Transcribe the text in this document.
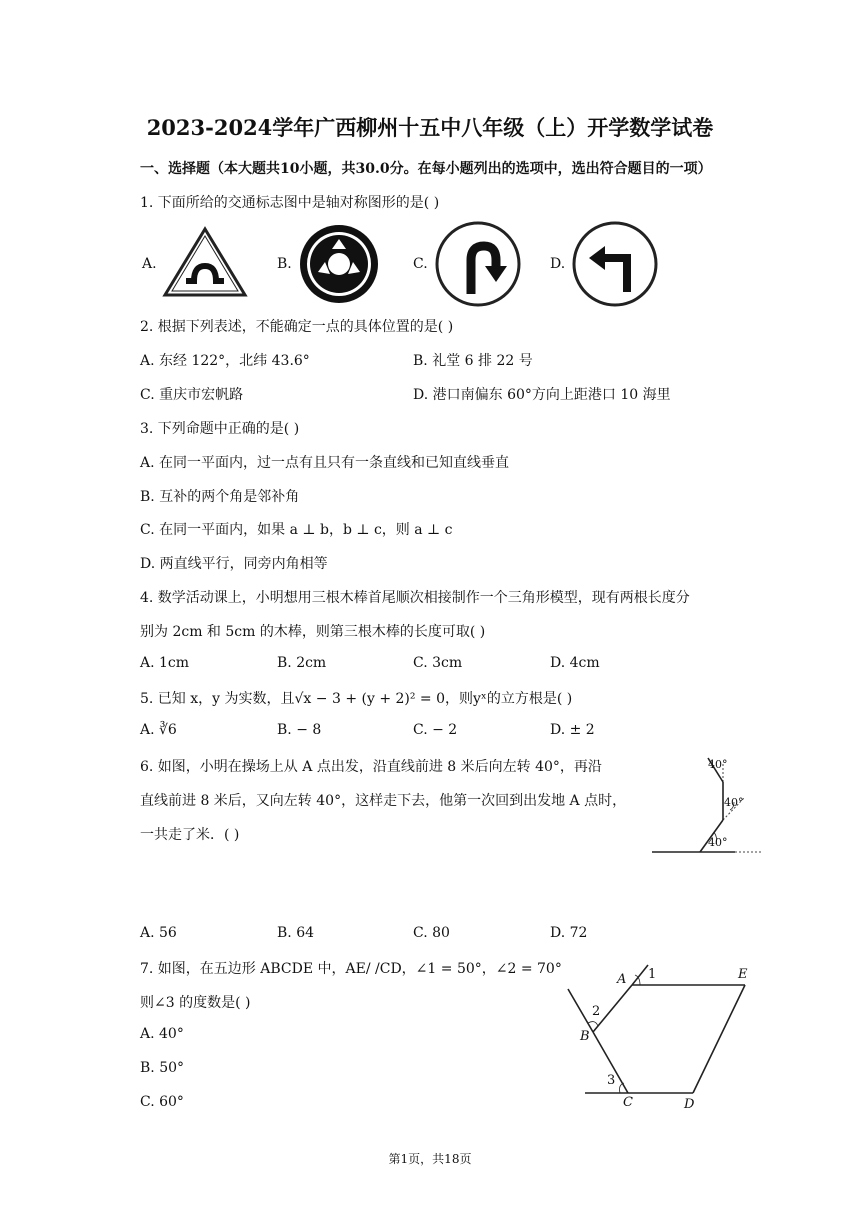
2023-2024学年广西柳州十五中八年级（上）开学数学试卷
一、选择题（本大题共10小题，共30.0分。在每小题列出的选项中，选出符合题目的一项）
1. 下面所给的交通标志图中是轴对称图形的是( )
A.	B.	C.	D.
2. 根据下列表述，不能确定一点的具体位置的是( )
A. 东经 122°，北纬 43.6°	B. 礼堂 6 排 22 号
C. 重庆市宏帆路	D. 港口南偏东 60°方向上距港口 10 海里
3. 下列命题中正确的是( )
A. 在同一平面内，过一点有且只有一条直线和已知直线垂直
B. 互补的两个角是邻补角
C. 在同一平面内，如果 a ⊥ b，b ⊥ c，则 a ⊥ c
D. 两直线平行，同旁内角相等
4. 数学活动课上，小明想用三根木棒首尾顺次相接制作一个三角形模型，现有两根长度分
别为 2cm 和 5cm 的木棒，则第三根木棒的长度可取( )
A. 1cm	B. 2cm	C. 3cm	D. 4cm
5. 已知 x，y 为实数，且√x − 3 + (y + 2)² = 0，则yˣ的立方根是( )
A. ∛6	B. − 8	C. − 2	D. ± 2
6. 如图，小明在操场上从 A 点出发，沿直线前进 8 米后向左转 40°，再沿
直线前进 8 米后，又向左转 40°，这样走下去，他第一次回到出发地 A 点时，
一共走了米．( )
40°
40°
40°
A. 56	B. 64	C. 80	D. 72
7. 如图，在五边形 ABCDE 中，AE/ /CD，∠1 = 50°，∠2 = 70°
则∠3 的度数是( )
A. 40°
B. 50°
C. 60°
A 1	E
2
B
3
C	D
第1页，共18页
